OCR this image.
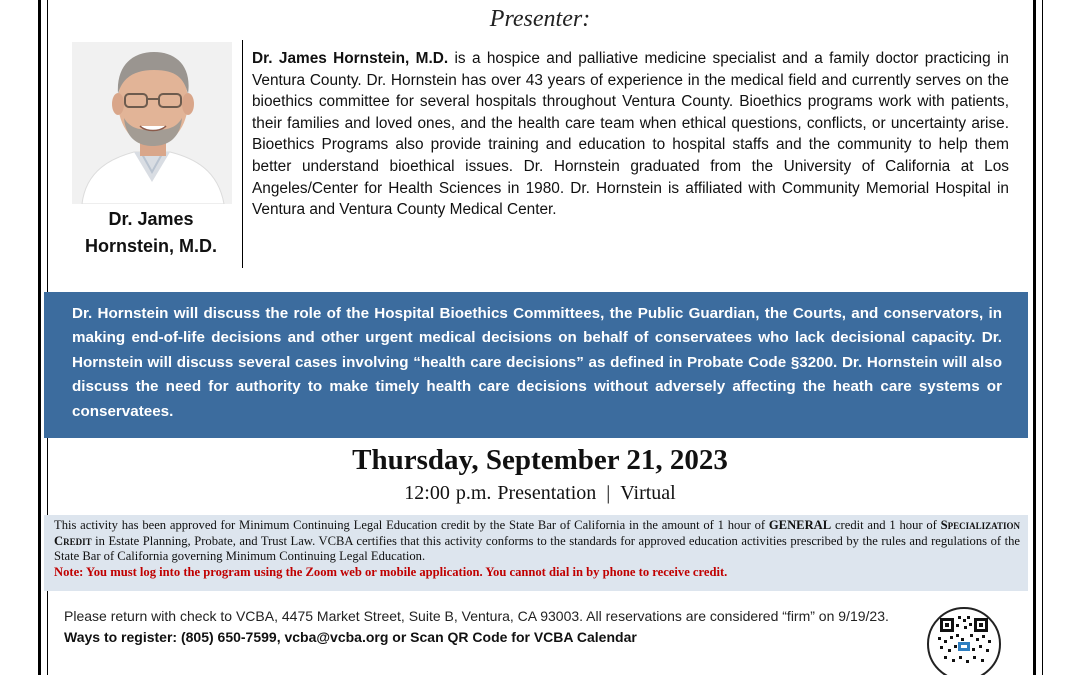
Presenter:
Dr. James
Hornstein, M.D.

Dr. James Hornstein, M.D. is a hospice and palliative medicine specialist and a family doctor practicing in Ventura County. Dr. Hornstein has over 43 years of experience in the medical field and currently serves on the bioethics committee for several hospitals throughout Ventura County. Bioethics programs work with patients, their families and loved ones, and the health care team when ethical questions, conflicts, or uncertainty arise. Bioethics Programs also provide training and education to hospital staffs and the community to help them better understand bioethical issues. Dr. Hornstein graduated from the University of California at Los Angeles/Center for Health Sciences in 1980. Dr. Hornstein is affiliated with Community Memorial Hospital in Ventura and Ventura County Medical Center.

Dr. Hornstein will discuss the role of the Hospital Bioethics Committees, the Public Guardian, the Courts, and conservators, in making end-of-life decisions and other urgent medical decisions on behalf of conservatees who lack decisional capacity. Dr. Hornstein will discuss several cases involving “health care decisions” as defined in Probate Code §3200. Dr. Hornstein will also discuss the need for authority to make timely health care decisions without adversely affecting the heath care systems or conservatees.

Thursday, September 21, 2023
12:00 p.m. Presentation | Virtual

This activity has been approved for Minimum Continuing Legal Education credit by the State Bar of California in the amount of 1 hour of GENERAL credit and 1 hour of Specialization Credit in Estate Planning, Probate, and Trust Law. VCBA certifies that this activity conforms to the standards for approved education activities prescribed by the rules and regulations of the State Bar of California governing Minimum Continuing Legal Education.

Note: You must log into the program using the Zoom web or mobile application. You cannot dial in by phone to receive credit.

Please return with check to VCBA, 4475 Market Street, Suite B, Ventura, CA 93003. All reservations are considered “firm” on 9/19/23. Ways to register: (805) 650-7599, vcba@vcba.org or Scan QR Code for VCBA Calendar
